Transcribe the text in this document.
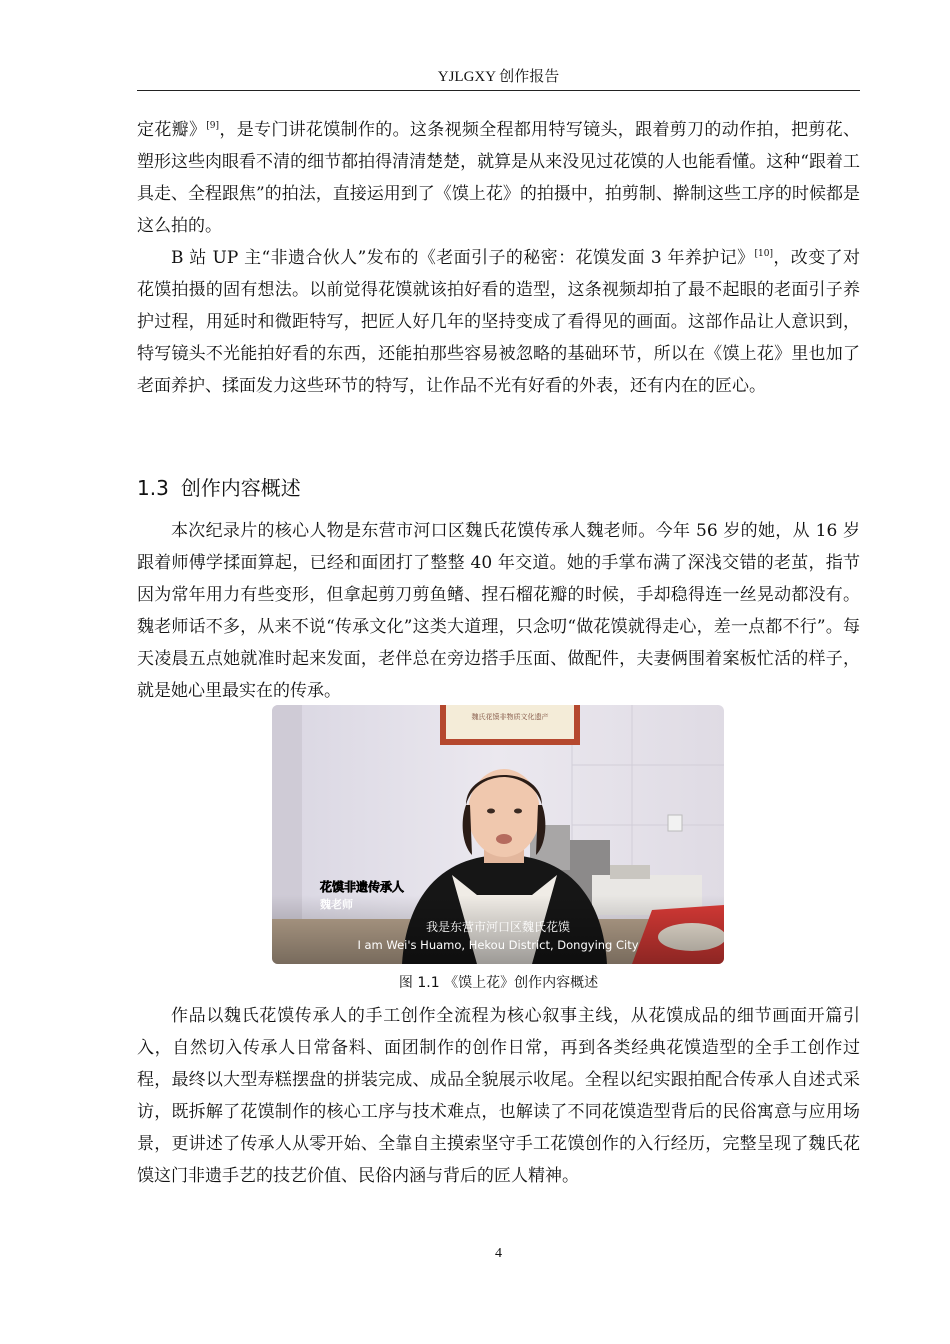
YJLGXY 创作报告

定花瓣》[9]，是专门讲花馍制作的。这条视频全程都用特写镜头，跟着剪刀的动作拍，把剪花、塑形这些肉眼看不清的细节都拍得清清楚楚，就算是从来没见过花馍的人也能看懂。这种“跟着工具走、全程跟焦”的拍法，直接运用到了《馍上花》的拍摄中，拍剪制、擀制这些工序的时候都是这么拍的。

B 站 UP 主“非遗合伙人”发布的《老面引子的秘密：花馍发面 3 年养护记》[10]，改变了对花馍拍摄的固有想法。以前觉得花馍就该拍好看的造型，这条视频却拍了最不起眼的老面引子养护过程，用延时和微距特写，把匠人好几年的坚持变成了看得见的画面。这部作品让人意识到，特写镜头不光能拍好看的东西，还能拍那些容易被忽略的基础环节，所以在《馍上花》里也加了老面养护、揉面发力这些环节的特写，让作品不光有好看的外表，还有内在的匠心。

1.3 创作内容概述

本次纪录片的核心人物是东营市河口区魏氏花馍传承人魏老师。今年 56 岁的她，从 16 岁跟着师傅学揉面算起，已经和面团打了整整 40 年交道。她的手掌布满了深浅交错的老茧，指节因为常年用力有些变形，但拿起剪刀剪鱼鳍、捏石榴花瓣的时候，手却稳得连一丝晃动都没有。魏老师话不多，从来不说“传承文化”这类大道理，只念叨“做花馍就得走心，差一点都不行”。每天凌晨五点她就准时起来发面，老伴总在旁边搭手压面、做配件，夫妻俩围着案板忙活的样子，就是她心里最实在的传承。

魏氏花馍非物质文化遗产
花馍非遗传承人
魏老师
我是东营市河口区魏氏花馍
I am Wei's Huamo, Hekou District, Dongying City
图 1.1 《馍上花》创作内容概述

作品以魏氏花馍传承人的手工创作全流程为核心叙事主线，从花馍成品的细节画面开篇引入，自然切入传承人日常备料、面团制作的创作日常，再到各类经典花馍造型的全手工创作过程，最终以大型寿糕摆盘的拼装完成、成品全貌展示收尾。全程以纪实跟拍配合传承人自述式采访，既拆解了花馍制作的核心工序与技术难点，也解读了不同花馍造型背后的民俗寓意与应用场景，更讲述了传承人从零开始、全靠自主摸索坚守手工花馍创作的入行经历，完整呈现了魏氏花馍这门非遗手艺的技艺价值、民俗内涵与背后的匠人精神。

4
